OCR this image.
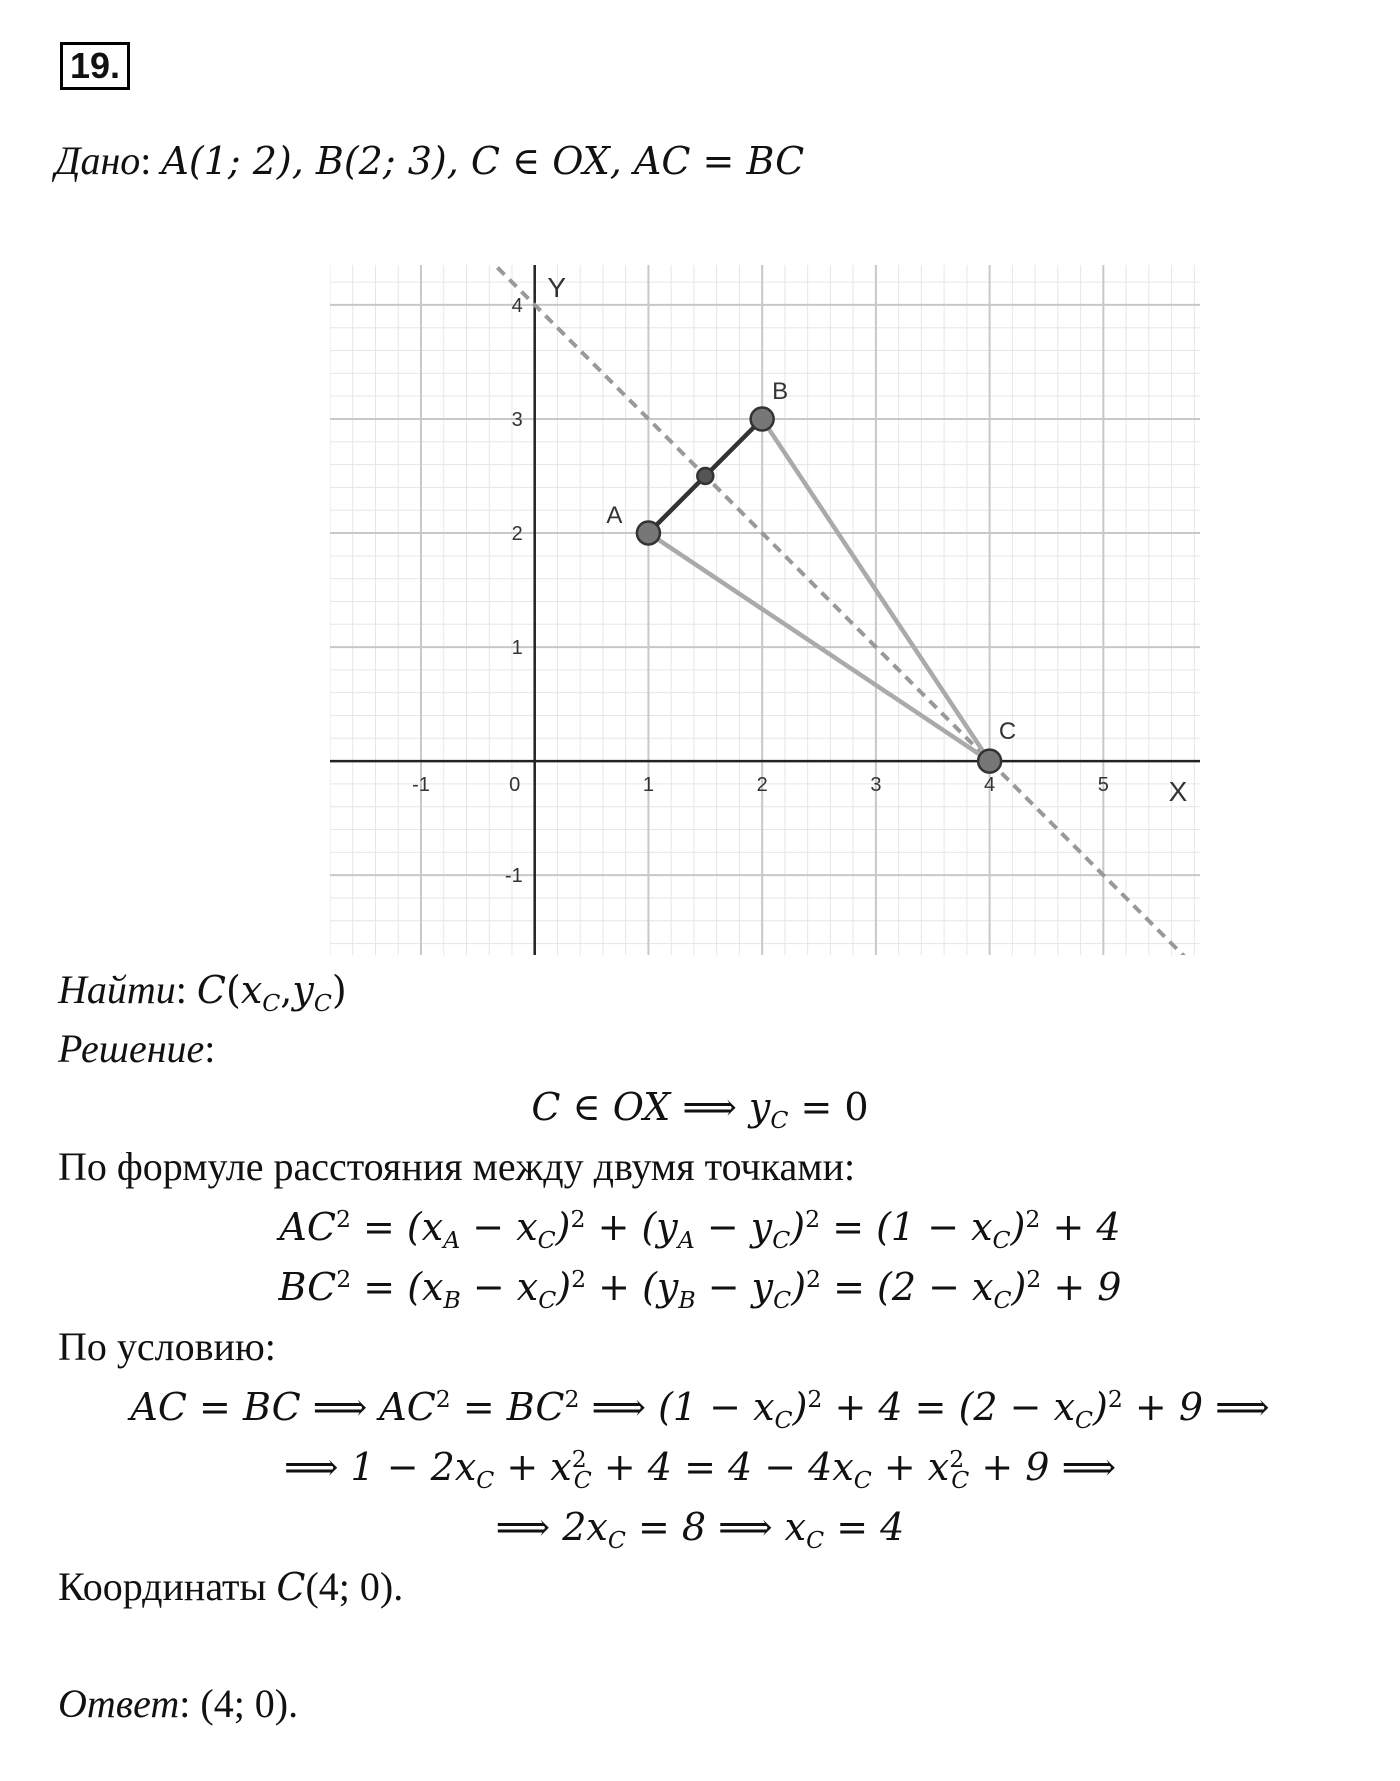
19.
Дано: A(1; 2), B(2; 3), C ∈ OX, AC = BC
-1	0	1	2	3	4	5
4
3
2
1
-1
X
Y
A
B
C
Найти: $C(x_C,y_C)$
Решение:
C ∈ OX ⟹ $y_C = 0$
По формуле расстояния между двумя точками:
$AC^2 = (x_A - x_C)^2 + (y_A - y_C)^2 = (1 - x_C)^2 + 4$
$BC^2 = (x_B - x_C)^2 + (y_B - y_C)^2 = (2 - x_C)^2 + 9$
По условию:
AC = BC ⟹ $AC^2 = BC^2$ ⟹ $(1 - x_C)^2 + 4 = (2 - x_C)^2 + 9$ ⟹
⟹ $1 - 2x_C + x^2_C + 4 = 4 - 4x_C + x^2_C + 9$ ⟹
⟹ $2x_C = 8$ ⟹ $x_C = 4$
Координаты C(4; 0).
Ответ: (4; 0).
